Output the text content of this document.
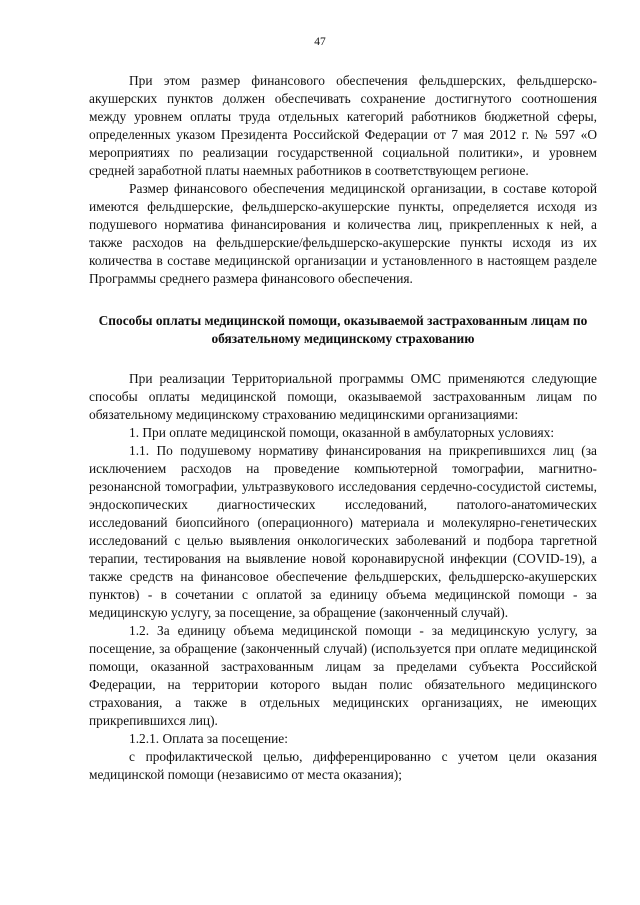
47

При этом размер финансового обеспечения фельдшерских, фельдшерско-акушерских пунктов должен обеспечивать сохранение достигнутого соотношения между уровнем оплаты труда отдельных категорий работников бюджетной сферы, определенных указом Президента Российской Федерации от 7 мая 2012 г. № 597 «О мероприятиях по реализации государственной социальной политики», и уровнем средней заработной платы наемных работников в соответствующем регионе.

Размер финансового обеспечения медицинской организации, в составе которой имеются фельдшерские, фельдшерско-акушерские пункты, определяется исходя из подушевого норматива финансирования и количества лиц, прикрепленных к ней, а также расходов на фельдшерские/фельдшерско-акушерские пункты исходя из их количества в составе медицинской организации и установленного в настоящем разделе Программы среднего размера финансового обеспечения.

Способы оплаты медицинской помощи, оказываемой застрахованным лицам по обязательному медицинскому страхованию

При реализации Территориальной программы ОМС применяются следующие способы оплаты медицинской помощи, оказываемой застрахованным лицам по обязательному медицинскому страхованию медицинскими организациями:

1. При оплате медицинской помощи, оказанной в амбулаторных условиях:

1.1. По подушевому нормативу финансирования на прикрепившихся лиц (за исключением расходов на проведение компьютерной томографии, магнитно-резонансной томографии, ультразвукового исследования сердечно-сосудистой системы, эндоскопических диагностических исследований, патолого-анатомических исследований биопсийного (операционного) материала и молекулярно-генетических исследований с целью выявления онкологических заболеваний и подбора таргетной терапии, тестирования на выявление новой коронавирусной инфекции (COVID-19), а также средств на финансовое обеспечение фельдшерских, фельдшерско-акушерских пунктов) - в сочетании с оплатой за единицу объема медицинской помощи - за медицинскую услугу, за посещение, за обращение (законченный случай).

1.2. За единицу объема медицинской помощи - за медицинскую услугу, за посещение, за обращение (законченный случай) (используется при оплате медицинской помощи, оказанной застрахованным лицам за пределами субъекта Российской Федерации, на территории которого выдан полис обязательного медицинского страхования, а также в отдельных медицинских организациях, не имеющих прикрепившихся лиц).

1.2.1. Оплата за посещение:

с профилактической целью, дифференцированно с учетом цели оказания медицинской помощи (независимо от места оказания);
